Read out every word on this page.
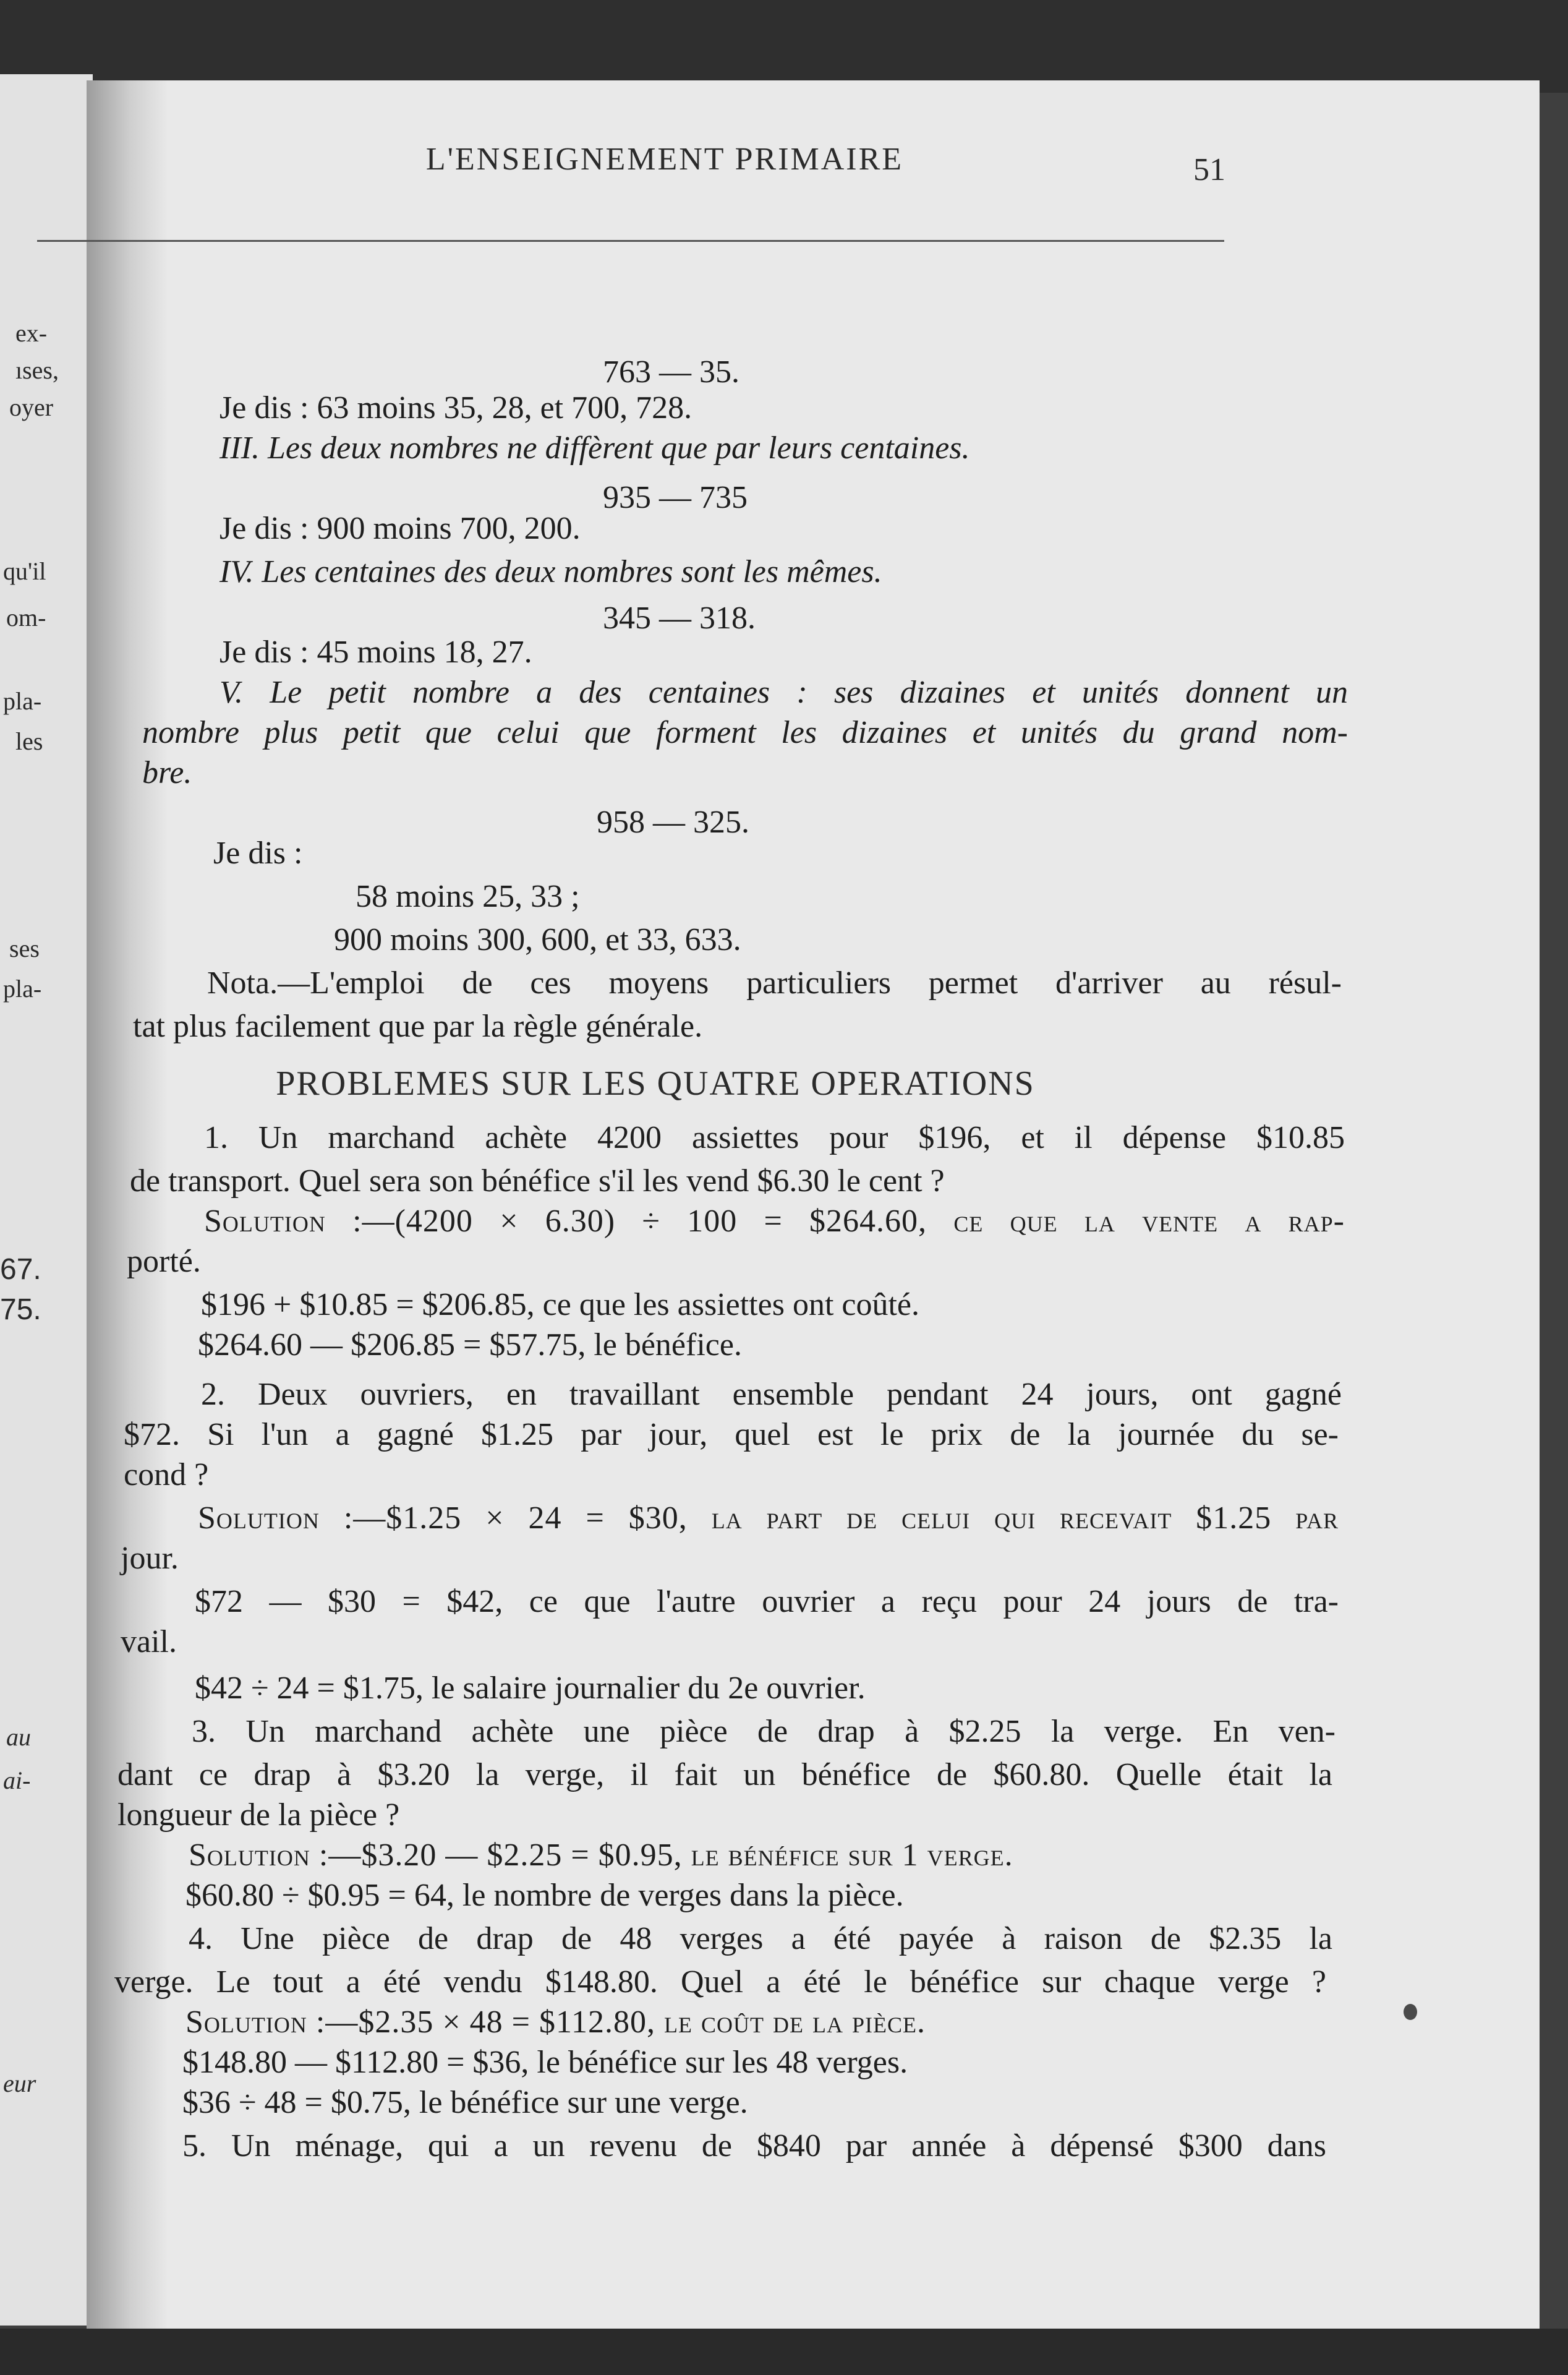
ex-
ıses,
oyer
qu'il
om-
pla-
les
ses
pla-
67.
75.
au
ai-
eur
L'ENSEIGNEMENT PRIMAIRE	51
763 — 35.
Je dis : 63 moins 35, 28, et 700, 728.
III. Les deux nombres ne diffèrent que par leurs centaines.
935 — 735
Je dis : 900 moins 700, 200.
IV. Les centaines des deux nombres sont les mêmes.
345 — 318.
Je dis : 45 moins 18, 27.
V. Le petit nombre a des centaines : ses dizaines et unités donnent un
nombre plus petit que celui que forment les dizaines et unités du grand nom-
bre.
958 — 325.
Je dis :
58 moins 25, 33 ;
900 moins 300, 600, et 33, 633.
Nota.—L'emploi de ces moyens particuliers permet d'arriver au résul-
tat plus facilement que par la règle générale.
PROBLEMES SUR LES QUATRE OPERATIONS
1. Un marchand achète 4200 assiettes pour $196, et il dépense $10.85
de transport. Quel sera son bénéfice s'il les vend $6.30 le cent ?
Solution :—(4200 × 6.30) ÷ 100 = $264.60, ce que la vente a rap-
porté.
$196 + $10.85 = $206.85, ce que les assiettes ont coûté.
$264.60 — $206.85 = $57.75, le bénéfice.
2. Deux ouvriers, en travaillant ensemble pendant 24 jours, ont gagné
$72. Si l'un a gagné $1.25 par jour, quel est le prix de la journée du se-
cond ?
Solution :—$1.25 × 24 = $30, la part de celui qui recevait $1.25 par
jour.
$72 — $30 = $42, ce que l'autre ouvrier a reçu pour 24 jours de tra-
vail.
$42 ÷ 24 = $1.75, le salaire journalier du 2e ouvrier.
3. Un marchand achète une pièce de drap à $2.25 la verge. En ven-
dant ce drap à $3.20 la verge, il fait un bénéfice de $60.80. Quelle était la
longueur de la pièce ?
Solution :—$3.20 — $2.25 = $0.95, le bénéfice sur 1 verge.
$60.80 ÷ $0.95 = 64, le nombre de verges dans la pièce.
4. Une pièce de drap de 48 verges a été payée à raison de $2.35 la
verge. Le tout a été vendu $148.80. Quel a été le bénéfice sur chaque verge ?
Solution :—$2.35 × 48 = $112.80, le coût de la pièce.
$148.80 — $112.80 = $36, le bénéfice sur les 48 verges.
$36 ÷ 48 = $0.75, le bénéfice sur une verge.
5. Un ménage, qui a un revenu de $840 par année à dépensé $300 dans
